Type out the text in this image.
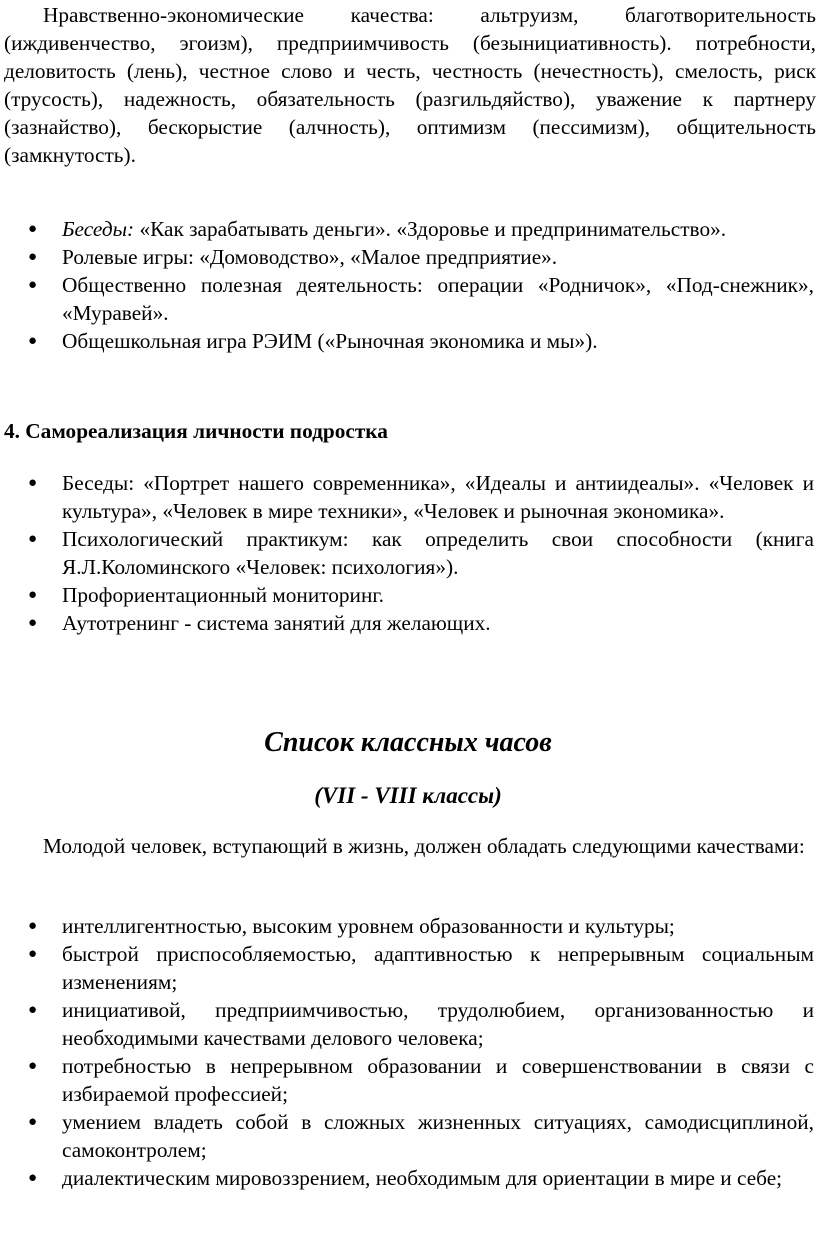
Нравственно-экономические качества: альтруизм, благотворительность (иждивенчество, эгоизм), предприимчивость (безынициативность). потребности, деловитость (лень), честное слово и честь, честность (нечестность), смелость, риск (трусость), надежность, обязательность (разгильдяйство), уважение к партнеру (зазнайство), бескорыстие (алчность), оптимизм (пессимизм), общительность (замкнутость).

● Беседы: «Как зарабатывать деньги». «Здоровье и предпринимательство».
● Ролевые игры: «Домоводство», «Малое предприятие».
● Общественно полезная деятельность: операции «Родничок», «Под-снежник», «Муравей».
● Общешкольная игра РЭИМ («Рыночная экономика и мы»).

4. Самореализация личности подростка

● Беседы: «Портрет нашего современника», «Идеалы и антиидеалы». «Человек и культура», «Человек в мире техники», «Человек и рыночная экономика».
● Психологический практикум: как определить свои способности (книга Я.Л.Коломинского «Человек: психология»).
● Профориентационный мониторинг.
● Аутотренинг - система занятий для желающих.

Список классных часов

(VII - VIII классы)

Молодой человек, вступающий в жизнь, должен обладать следующими качествами:

● интеллигентностью, высоким уровнем образованности и культуры;
● быстрой приспособляемостью, адаптивностью к непрерывным социальным изменениям;
● инициативой, предприимчивостью, трудолюбием, организованностью и необходимыми качествами делового человека;
● потребностью в непрерывном образовании и совершенствовании в связи с избираемой профессией;
● умением владеть собой в сложных жизненных ситуациях, самодисциплиной, самоконтролем;
● диалектическим мировоззрением, необходимым для ориентации в мире и себе;
